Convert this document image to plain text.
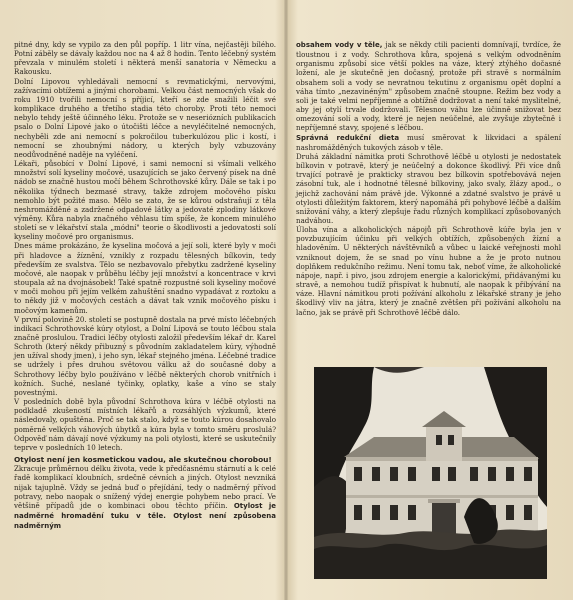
pitné dny, kdy se vypilo za den půl popříp. 1 litr vína, nejčastěji bílého. Potní záběly se dávaly každou noc na 4 až 8 hodin. Tento léčebný systém převzala v minulém století i některá menší sanatoria v Německu a Rakousku.

Dolní Lipovou vyhledávali nemocní s revmatickými, nervovými, zažívacími obtížemi a jinými chorobami. Velkou část nemocných však do roku 1910 tvořili nemocní s příjicí, kteří se zde snažili léčit své komplikace druhého a třetího stadia této choroby. Proti této nemoci nebylo tehdy ještě účinného léku. Protože se v neseriózních publikacích psalo o Dolní Lipové jako o útočišti léčce a nevyléčitelné nemocných, nechyběli zde ani nemocní s pokročilou tuberkulózou plic i kostí, i nemocní se zhoubnými nádory, u kterých byly vzbuzovány neodůvodněné naděje na vyléčení.

Lékaři, působící v Dolní Lipové, i sami nemocní si všímali velkého množství solí kyseliny močové, usazujících se jako červený písek na dně nádob se značně hustou močí během Schrothovské kůry. Dále se tak i po několika týdnech bezmasé stravy, takže zdrojem močového písku nemohlo být požité maso. Mělo se zato, že se kůrou odstraňují z těla neshromážděné a zadržené odpadové látky a jedovaté zplodiny látkové výměny. Kůra nabyla značného věhlasu tím spíše, že koncem minulého století se v lékařství stala „módní" teorie o škodlivosti a jedovatosti solí kyseliny močové pro organismus.

Dnes máme prokázáno, že kyselina močová a její soli, které byly v moči při hladovce a žíznění, vznikly z rozpadu tělesných bílkovin, tedy především ze svalstva. Tělo se nezbavovalo přebytku zadržené kyseliny močové, ale naopak v průběhu léčby její množství a koncentrace v krvi stoupala až na dvojnásobek! Také spatně rozpustné soli kyseliny močové v moči mohou při jejím velkém zahuštění snadno vypadávat z roztoku a to někdy již v močových cestách a dávat tak vznik močového písku i močovým kamenům.

V první polovině 20. století se postupně dostala na prvé místo léčebných indikací Schrothovské kúry otylost, a Dolní Lipová se touto léčbou stala značně proslulou. Tradici léčby otylosti založil především lékař dr. Karel Schroth (který někdy přibuzný s původním zakladatelem kúry, výhodně jen užíval shody jmen), i jeho syn, lékař stejného jména. Léčebné tradice se udržely i přes druhou světovou válku až do současné doby a Schrothovy léčby bylo používáno v léčbě některých chorob vnitřních i kožních. Suché, neslané tyčinky, oplatky, kaše a víno se staly povestnými.

V posledních době byla původní Schrothova kúra v léčbě otylosti na podkladě zkušeností místních lékařů a rozsáhlých výzkumů, které následovaly, opuštěna. Proč se tak stalo, když se touto kúrou dosahovalo poměrně velkých váhových úbytků a kúra byla v tomto směru proslulá? Odpověď nám dávají nové výzkumy na poli otylosti, které se uskutečnily teprve v posledních 10 letech.

Otylost není jen kosmetickou vadou, ale skutečnou chorobou!

Zkracuje průměrnou délku života, vede k předčasnému stárnutí a k celé řadě komplikací kloubních, srdečně cévních a jiných. Otylost nevzniká nijak tajuplně. Vždy se jedná buď o přejídání, tedy o nadměrný přívod potravy, nebo naopak o snížený výdej energie pohybem nebo prací. Ve většině případů jde o kombinaci obou těchto příčin. Otylost je nadměrné hromadění tuku v těle. Otylost není způsobena nadměrným

obsahem vody v těle, jak se někdy ctili pacienti domnívají, tvrdíce, že tloustnou i z vody. Schrothova kůra, spojená s velkým odvodněním organismu způsobí sice větší pokles na váze, který ztýhého dočasné ložení, ale je skutečně jen dočasný, protože při stravě s normálním obsahem soli a vody se nevratnou tekutinu z organismu opět doplní a váha tímto „nezavinéným" způsobem značně stoupne. Režim bez vody a soli je také velmi nepříjemné a obtížně dodržovat a není také myslitelné, aby jej otylí trvale dodržovali. Tělesnou váhu lze účinně snižovat bez omezování solí a vody, které je nejen neúčelné, ale zvyšuje zbytečně i nepříjemné stavy, spojené s léčbou.

Správná redukční dieta musí směrovat k likvidaci a spálení nashromážděných tukových zásob v těle.

Druhá základní námitka proti Schrothově léčbě u otylosti je nedostatek bílkovin v potravě, který je neúčelný a dokonce škodlivý. Při více dnů trvající potravě je prakticky stravou bez bílkovin spotřebovává nejen zásobní tuk, ale i hodnotné tělesné bílkoviny, jako svaly, žlázy apod., o jejichž zachování nám právě jde. Výkonné a zdatné svalstvo je právě u otylosti důležitým faktorem, který napomáhá při pohybové léčbě a dalším snižování váhy, a který zlepšuje řadu různých komplikací způsobovaných nadváhou.

Úloha vína a alkoholických nápojů při Schrothově kúře byla jen v povzbuzujícím účinku při velkých obtížích, způsobených žízní a hladověním. U některých návštěvníků a vůbec u laické veřejnosti mohl vzniknout dojem, že se snad po vínu hubne a že je proto nutnou doplňkem redukčního režimu. Není tomu tak, neboť víme, že alkoholické nápoje, např. i pivo, jsou zdrojem energie a kalorickými, přidávanými ku stravě, a nemohou tudíž přispívat k hubnutí, ale naopak k přibývání na váze. Hlavní námitkou proti požívání alkoholu z lékařské strany je jeho škodlivý vliv na játra, který je značně zvětšen při požívání alkoholu na lačno, jak se právě při Schrothově léčbě dálo.
